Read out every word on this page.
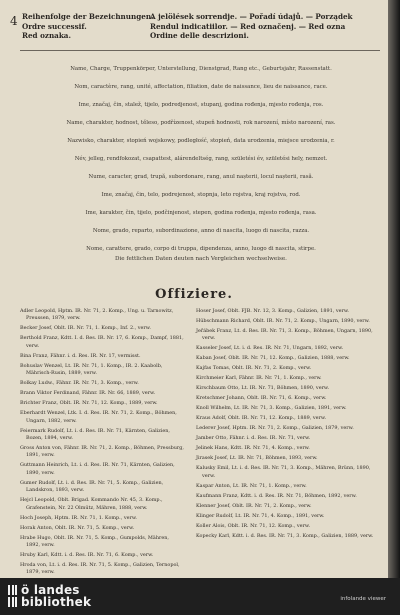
4 Reihenfolge der Bezeichnungen.
Ordre successif.
Red oznaka.
A jelölések sorrendje. — Pořadí údajů. — Porządek
Rendul indicatiilor. — Red označenj. — Red ozna
Ordine delle descrizioni.
Name, Charge, Truppenkörper, Unterstellung, Dienstgrad, Rang etc., Geburtsjahr, Rassenstatt.
Nom, caractère, rang, unité, affectation, filiation, date de naissance, lieu de naissance, race.
Ime, značaj, čin, stalež, tijelo, podredjenost, stupanj, godina rođenja, mjesto rođenja, ros.
Name, charakter, hodnost, těleso, podřízenost, stupeň hodnosti, rok narození, místo narození, ras.
Nazwisko, charakter, stopień wojskowy, podległość, stopień, data urodzenia, miejsce urodzenia, r.
Név, jelleg, rendfokozat, csapattest, alárendeltség, rang, születési év, születési hely, nemzet.
Nume, caracter, grad, trupă, subordonare, rang, anul nașterii, locul nașterii, rasă.
Ime, značaj, čin, telo, podrejenost, stopnja, leto rojstva, kraj rojstva, rod.
Ime, karakter, čin, tijelo, podčinjenost, stepen, godina rođenja, mjesto rođenja, rasa.
Nome, grado, reparto, subordinazione, anno di nascita, luogo di nascita, razza.
Nome, carattere, grado, corpo di truppa, dipendenza, anno, luogo di nascita, stirpe.
Die fettlichen Daten deuten nach Vergleichen wechselweise.
Offiziere.
Adler Leopold, Hptm. IR. Nr. 71, 2. Komp., Ung. u. Tarnowitz, Preussen, 1879, verw.
Becker Josef, Oblt. IR. Nr. 71, 1. Komp., Inf. 2., verw.
Berthold Franz, Kdtt. I. d. Res. IR. Nr. 17, 6. Komp., Dampf, 1881, verw.
Bina Franz, Fähnr. i. d. Res. IR. Nr. 17, vermisst.
Bohuslav Wenzel, Lt. IR. Nr. 71, 1. Komp., IR. 2. Kaabolb, Mährisch-Rusin, 1889, verw.
Bolkay Ludw., Fähnr. IR. Nr. 71, 3. Komp., verw.
Brann Viktor Ferdinand, Fähnr. IR. Nr. 66, 1889, verw.
Brichter Franz, Oblt. IR. Nr. 71, 12. Komp., 1889, verw.
Eberhardt Wenzel, Ltk. I. d. Res. IR. Nr. 71, 2. Komp., Böhmen, Ungarn, 1882, verw.
Feiermark Rudolf, Lt. i. d. Res. IR. Nr. 71, Kärnten, Galizien, Bozen, 1894, verw.
Gross Anton von, Fähnr. IR. Nr. 71, 2. Komp., Böhmen, Pressburg, 1891, verw.
Guttmann Heinrich, Lt. i. d. Res. IR. Nr. 71, Kärnten, Galizien, 1890, verw.
Gumer Rudolf, Lt. i. d. Res. IR. Nr. 71, 5. Komp., Galizien, Landskron, 1893, verw.
Hejcl Leopold, Oblt. Brigad. Kommando Nr. 45, 3. Komp., Grafenstein, Nr. 22 Olmütz, Mähren, 1888, verw.
Hoch Joseph, Hptm. IR. Nr. 71, 1. Komp., verw.
Horak Anton, Oblt. IR. Nr. 71, 5. Komp., verw.
Hrabe Hugo, Oblt. IR. Nr. 71, 5. Komp., Gumpolds, Mähren, 1892, verw.
Hruby Karl, Kdtt. i. d. Res. IR. Nr. 71, 6. Komp., verw.
Hroda von, Lt. i. d. Res. IR. Nr. 71, 5. Komp., Galizien, Ternopol, 1879, verw.
Hoser Josef, Oblt. FJB. Nr. 12, 3. Komp., Galizien, 1891, verw.
Hübschmann Richard, Oblt. IR. Nr. 71, 2. Komp., Ungarn, 1890, verw.
Jeřábek Franz, Lt. d. Res. IR. Nr. 71, 3. Komp., Böhmen, Ungarn, 1890, verw.
Kasseler Josef, Lt. i. d. Res. IR. Nr. 71, Ungarn, 1892, verw.
Kaban Josef, Oblt. IR. Nr. 71, 12. Komp., Galizien, 1888, verw.
Kajfas Tomas, Oblt. IR. Nr. 71, 2. Komp., verw.
Kirchmeier Karl, Fähnr. IR. Nr. 71, 1. Komp., verw.
Kirschbaum Otto, Lt. IR. Nr. 71, Böhmen, 1890, verw.
Kretschmer Johann, Oblt. IR. Nr. 71, 6. Komp., verw.
Knoll Wilhelm, Lt. IR. Nr. 71, 3. Komp., Galizien, 1891, verw.
Kraus Adolf, Oblt. IR. Nr. 71, 12. Komp., 1889, verw.
Lederer Josef, Hptm. IR. Nr. 71, 2. Komp., Galizien, 1879, verw.
Jamber Otto, Fähnr. i. d. Res. IR. Nr. 71, verw.
Jelinek Hans, Kdtt. IR. Nr. 71, 4. Komp., verw.
Jirasek Josef, Lt. IR. Nr. 71, Böhmen, 1893, verw.
Kalusky Emil, Lt. i. d. Res. IR. Nr. 71, 3. Komp., Mähren, Brünn, 1890, verw.
Kaspar Anton, Lt. IR. Nr. 71, 1. Komp., verw.
Kaufmann Franz, Kdtt. i. d. Res. IR. Nr. 71, Böhmen, 1892, verw.
Klenner Josef, Oblt. IR. Nr. 71, 2. Komp., verw.
Klinger Rudolf, Lt. IR. Nr. 71, 4. Komp., 1891, verw.
Koller Alois, Oblt. IR. Nr. 71, 12. Komp., verw.
Kopecky Karl, Kdtt. i. d. Res. IR. Nr. 71, 3. Komp., Galizien, 1889, verw.
ö landes
bibliothek	infolande viewer
